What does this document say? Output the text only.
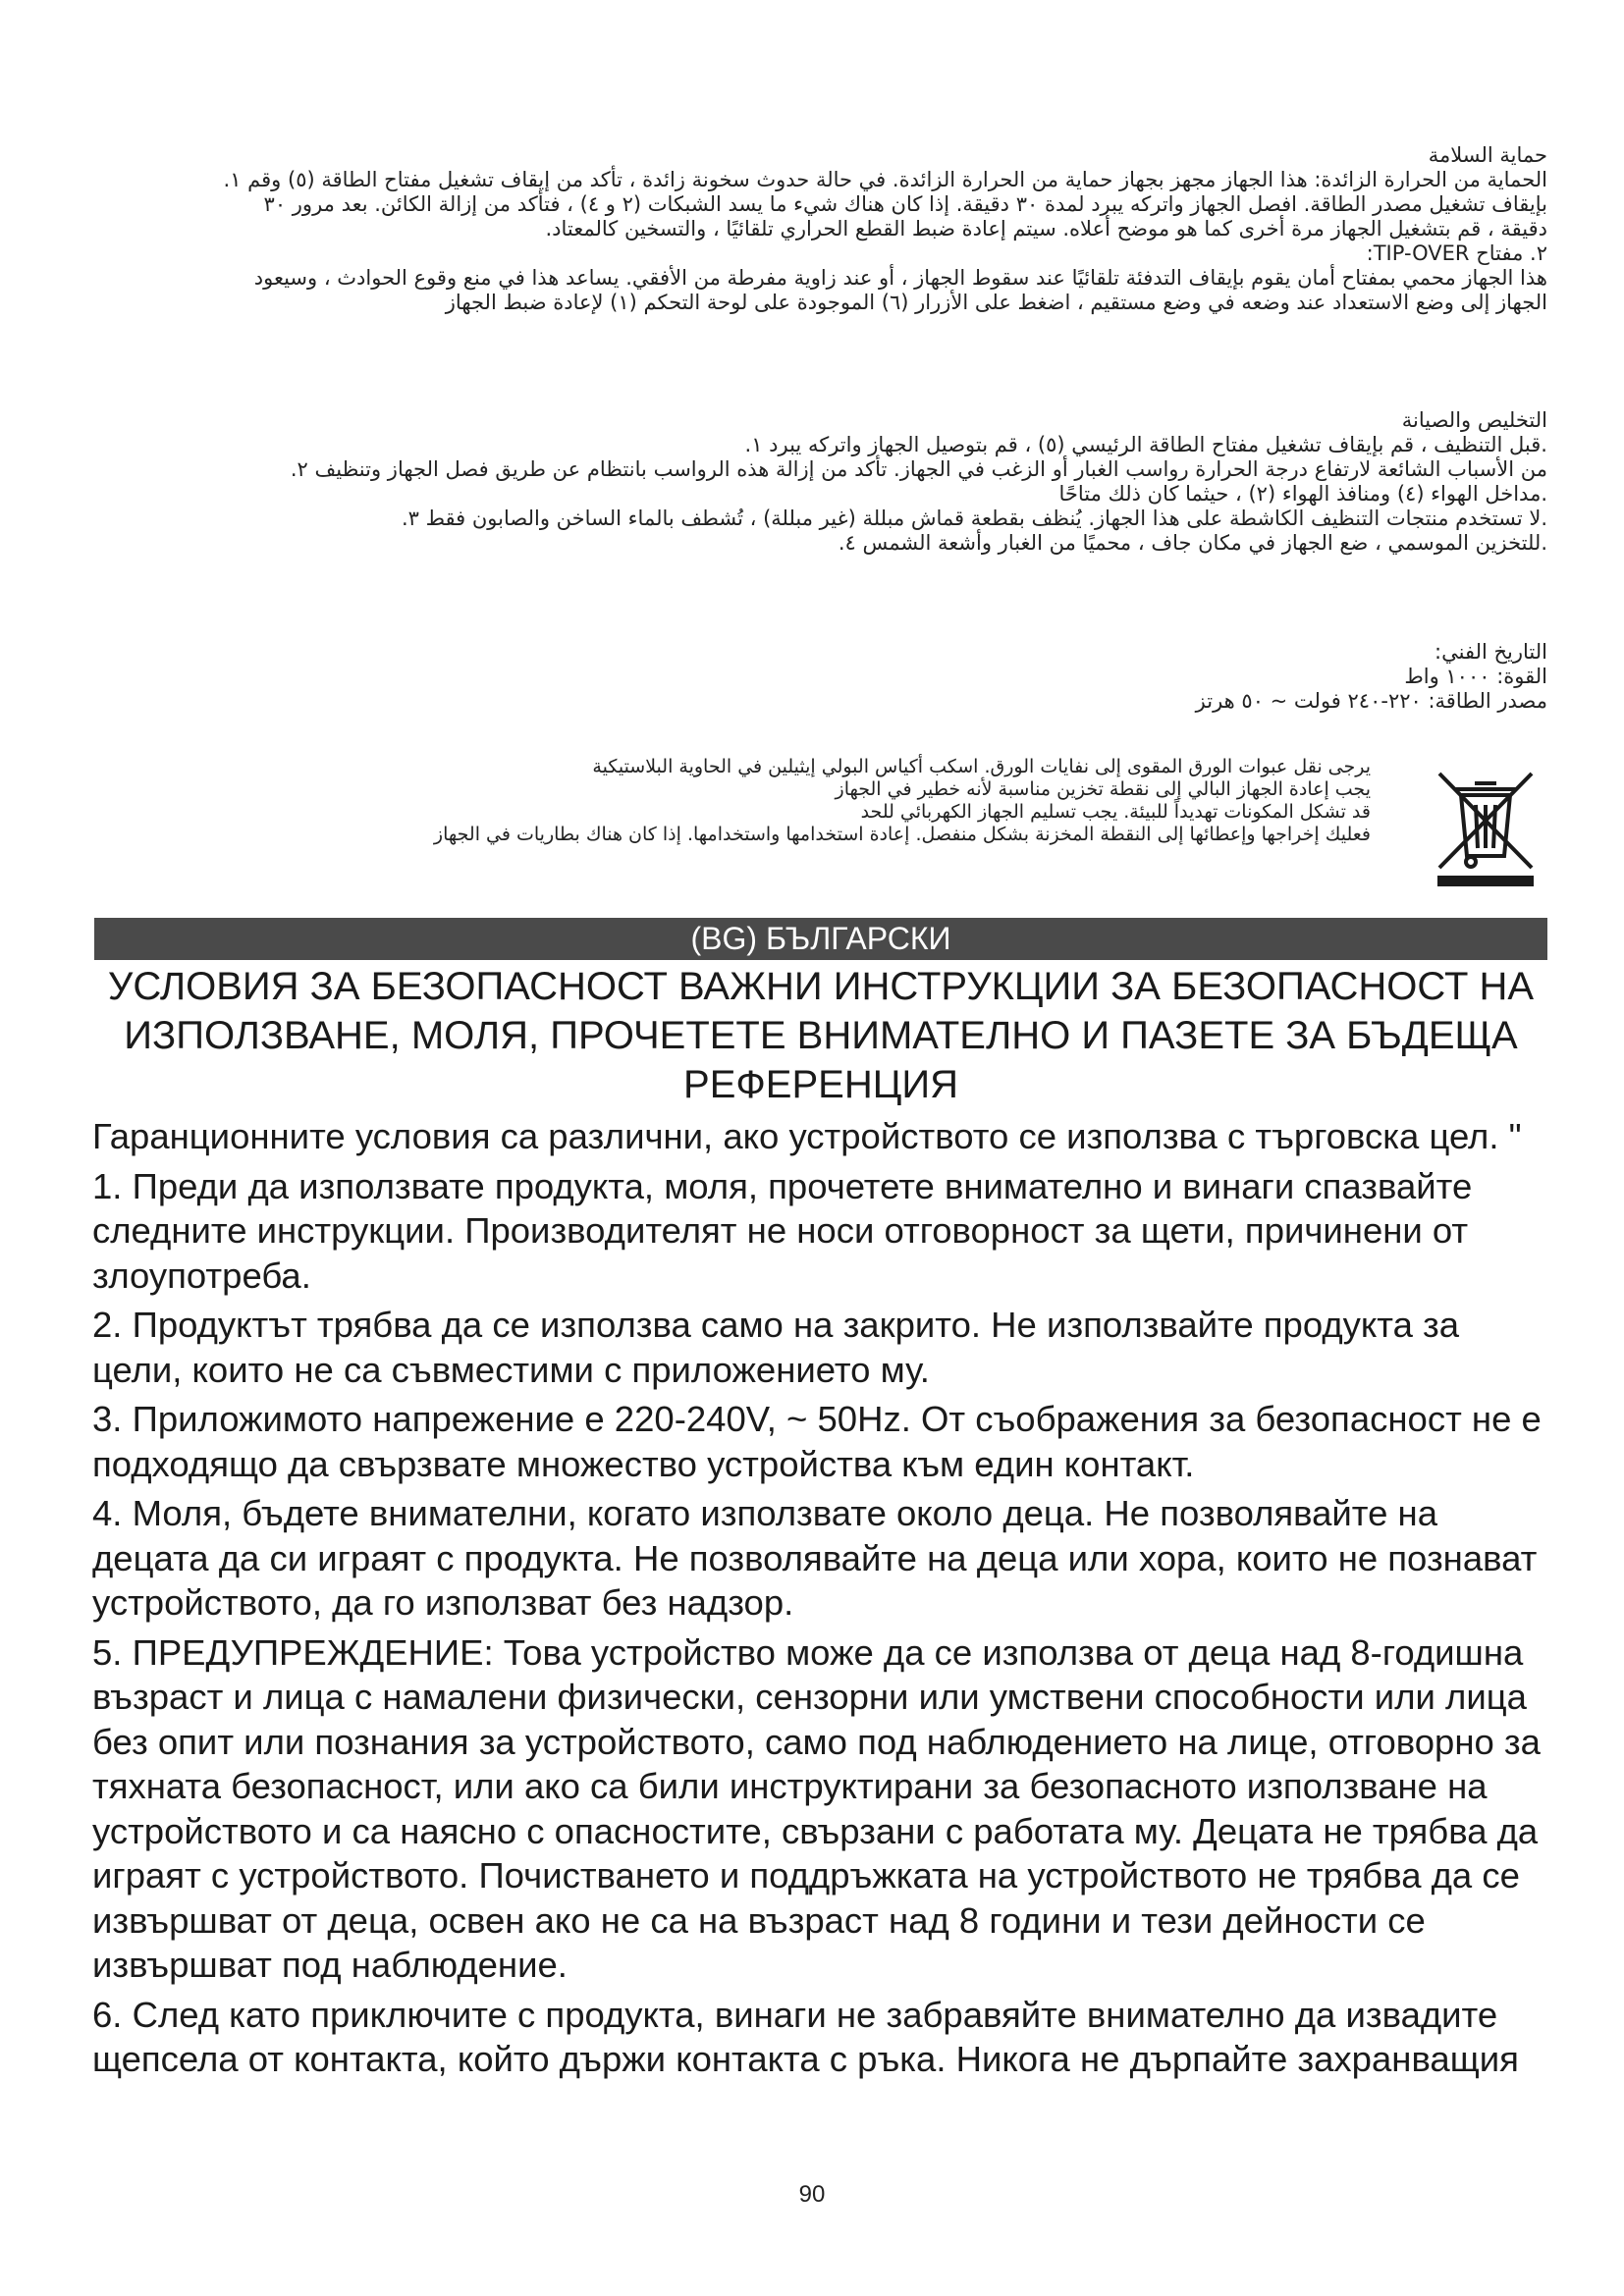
حماية السلامة

الحماية من الحرارة الزائدة: هذا الجهاز مجهز بجهاز حماية من الحرارة الزائدة. في حالة حدوث سخونة زائدة ، تأكد من إيقاف تشغيل مفتاح الطاقة (٥) وقم ١.

بإيقاف تشغيل مصدر الطاقة. افصل الجهاز واتركه يبرد لمدة ٣٠ دقيقة. إذا كان هناك شيء ما يسد الشبكات (٢ و ٤) ، فتأكد من إزالة الكائن. بعد مرور ٣٠

دقيقة ، قم بتشغيل الجهاز مرة أخرى كما هو موضح أعلاه. سيتم إعادة ضبط القطع الحراري تلقائيًا ، والتسخين كالمعتاد.

٢. مفتاح TIP-OVER:

هذا الجهاز محمي بمفتاح أمان يقوم بإيقاف التدفئة تلقائيًا عند سقوط الجهاز ، أو عند زاوية مفرطة من الأفقي. يساعد هذا في منع وقوع الحوادث ، وسيعود

الجهاز إلى وضع الاستعداد عند وضعه في وضع مستقيم ، اضغط على الأزرار (٦) الموجودة على لوحة التحكم (١) لإعادة ضبط الجهاز

التخليص والصيانة

.قبل التنظيف ، قم بإيقاف تشغيل مفتاح الطاقة الرئيسي (٥) ، قم بتوصيل الجهاز واتركه يبرد ١.

من الأسباب الشائعة لارتفاع درجة الحرارة رواسب الغبار أو الزغب في الجهاز. تأكد من إزالة هذه الرواسب بانتظام عن طريق فصل الجهاز وتنظيف ٢.

.مداخل الهواء (٤) ومنافذ الهواء (٢) ، حيثما كان ذلك متاحًا

.لا تستخدم منتجات التنظيف الكاشطة على هذا الجهاز. يُنظف بقطعة قماش مبللة (غير مبللة) ، تُشطف بالماء الساخن والصابون فقط ٣.

.للتخزين الموسمي ، ضع الجهاز في مكان جاف ، محميًا من الغبار وأشعة الشمس ٤.

التاريخ الفني:

القوة: ١٠٠٠ واط

مصدر الطاقة: ٢٢٠-٢٤٠ فولت ~ ٥٠ هرتز

يرجى نقل عبوات الورق المقوى إلى نفايات الورق. اسكب أكياس البولي إيثيلين في الحاوية البلاستيكية

يجب إعادة الجهاز البالي إلى نقطة تخزين مناسبة لأنه خطير في الجهاز

قد تشكل المكونات تهديداً للبيئة. يجب تسليم الجهاز الكهربائي للحد

فعليك إخراجها وإعطائها إلى النقطة المخزنة بشكل منفصل. إعادة استخدامها واستخدامها. إذا كان هناك بطاريات في الجهاز

(BG) БЪЛГАРСКИ
УСЛОВИЯ ЗА БЕЗОПАСНОСТ ВАЖНИ ИНСТРУКЦИИ ЗА БЕЗОПАСНОСТ НА
ИЗПОЛЗВАНЕ, МОЛЯ, ПРОЧЕТЕТЕ ВНИМАТЕЛНО И ПАЗЕТЕ ЗА БЪДЕЩА
РЕФЕРЕНЦИЯ

Гаранционните условия са различни, ако устройството се използва с търговска цел. "

1. Преди да използвате продукта, моля, прочетете внимателно и винаги спазвайте

следните инструкции. Производителят не носи отговорност за щети, причинени от

злоупотреба.

2. Продуктът трябва да се използва само на закрито. Не използвайте продукта за

цели, които не са съвместими с приложението му.

3. Приложимото напрежение е 220-240V, ~ 50Hz. От съображения за безопасност не е

подходящо да свързвате множество устройства към един контакт.

4. Моля, бъдете внимателни, когато използвате около деца. Не позволявайте на

децата да си играят с продукта. Не позволявайте на деца или хора, които не познават

устройството, да го използват без надзор.

5. ПРЕДУПРЕЖДЕНИЕ: Това устройство може да се използва от деца над 8-годишна

възраст и лица с намалени физически, сензорни или умствени способности или лица

без опит или познания за устройството, само под наблюдението на лице, отговорно за

тяхната безопасност, или ако са били инструктирани за безопасното използване на

устройството и са наясно с опасностите, свързани с работата му. Децата не трябва да

играят с устройството. Почистването и поддръжката на устройството не трябва да се

извършват от деца, освен ако не са на възраст над 8 години и тези дейности се

извършват под наблюдение.

6. След като приключите с продукта, винаги не забравяйте внимателно да извадите

щепсела от контакта, който държи контакта с ръка. Никога не дърпайте захранващия

90
